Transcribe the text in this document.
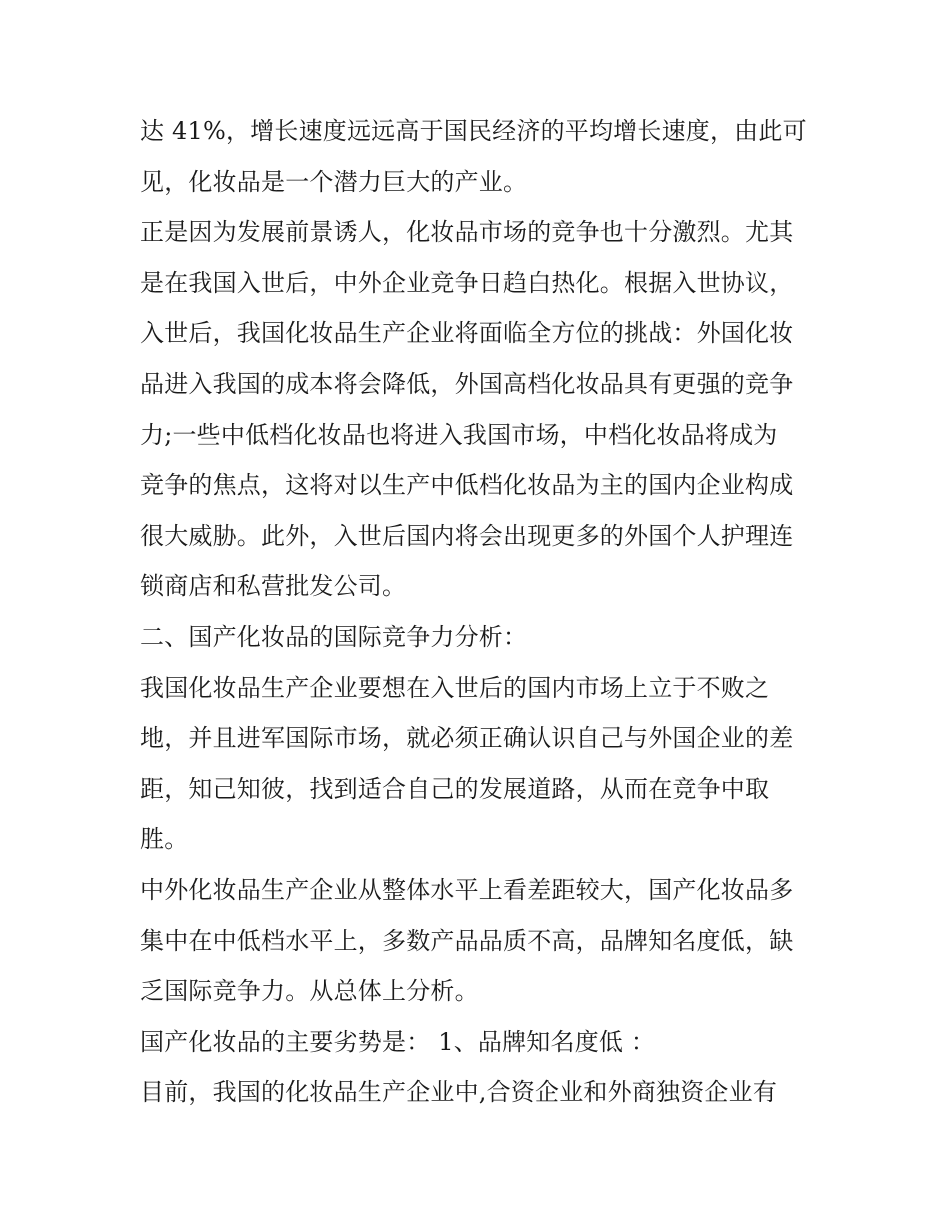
达 41%，增长速度远远高于国民经济的平均增长速度，由此可
见，化妆品是一个潜力巨大的产业。
正是因为发展前景诱人，化妆品市场的竞争也十分激烈。尤其
是在我国入世后，中外企业竞争日趋白热化。根据入世协议，
入世后，我国化妆品生产企业将面临全方位的挑战：外国化妆
品进入我国的成本将会降低，外国高档化妆品具有更强的竞争
力;一些中低档化妆品也将进入我国市场，中档化妆品将成为
竞争的焦点，这将对以生产中低档化妆品为主的国内企业构成
很大威胁。此外，入世后国内将会出现更多的外国个人护理连
锁商店和私营批发公司。
二、国产化妆品的国际竞争力分析：
我国化妆品生产企业要想在入世后的国内市场上立于不败之
地，并且进军国际市场，就必须正确认识自己与外国企业的差
距，知己知彼，找到适合自己的发展道路，从而在竞争中取
胜。
中外化妆品生产企业从整体水平上看差距较大，国产化妆品多
集中在中低档水平上，多数产品品质不高，品牌知名度低，缺
乏国际竞争力。从总体上分析。
国产化妆品的主要劣势是： 1、品牌知名度低 ：
目前，我国的化妆品生产企业中,合资企业和外商独资企业有
